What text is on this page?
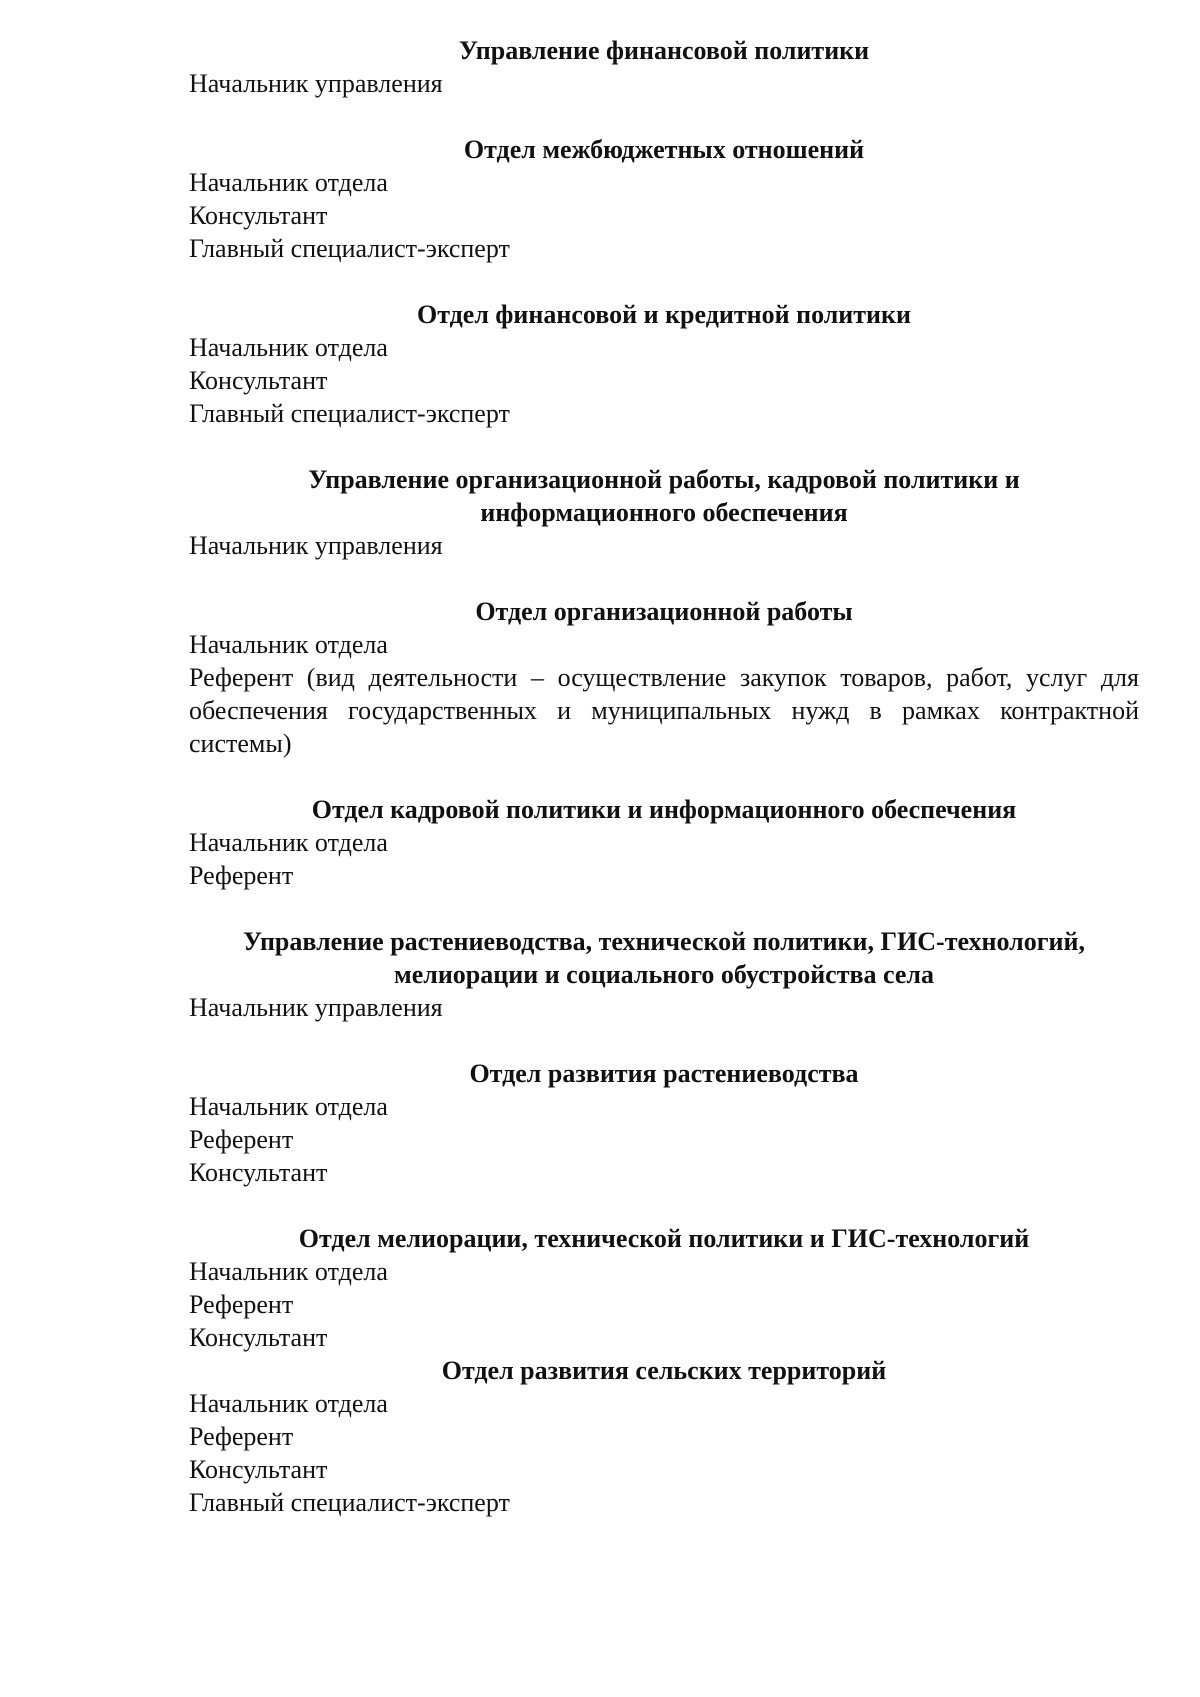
Управление финансовой политики

Начальник управления

Отдел межбюджетных отношений

Начальник отдела

Консультант

Главный специалист-эксперт

Отдел финансовой и кредитной политики

Начальник отдела

Консультант

Главный специалист-эксперт

Управление организационной работы, кадровой политики и

информационного обеспечения

Начальник управления

Отдел организационной работы

Начальник отдела

Референт (вид деятельности – осуществление закупок товаров, работ, услуг для обеспечения государственных и муниципальных нужд в рамках контрактной системы)

Отдел кадровой политики и информационного обеспечения

Начальник отдела

Референт

Управление растениеводства, технической политики, ГИС-технологий,

мелиорации и социального обустройства села

Начальник управления

Отдел развития растениеводства

Начальник отдела

Референт

Консультант

Отдел мелиорации, технической политики и ГИС-технологий

Начальник отдела

Референт

Консультант

Отдел развития сельских территорий

Начальник отдела

Референт

Консультант

Главный специалист-эксперт
